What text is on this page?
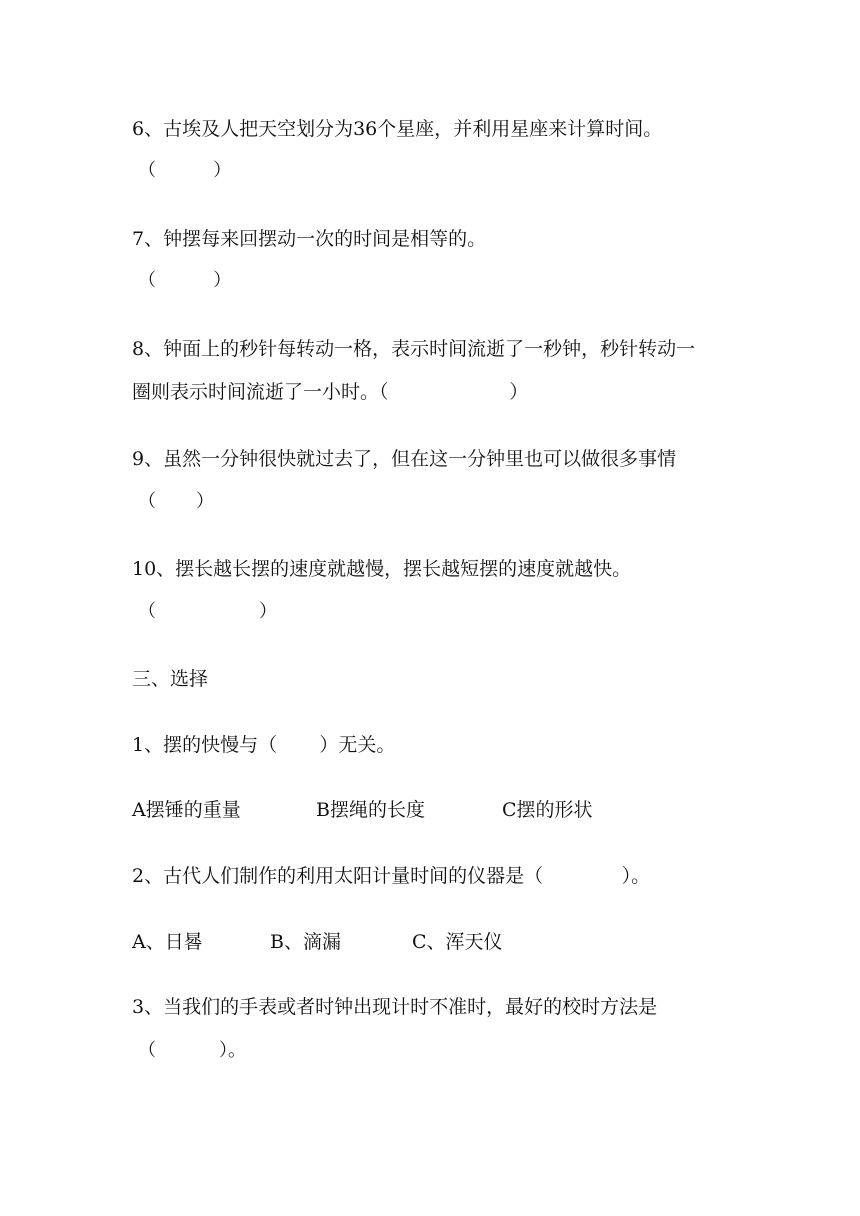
6、古埃及人把天空划分为36个星座，并利用星座来计算时间。
（          ）
7、钟摆每来回摆动一次的时间是相等的。
（          ）
8、钟面上的秒针每转动一格，表示时间流逝了一秒钟，秒针转动一
圈则表示时间流逝了一小时。（                    ）
9、虽然一分钟很快就过去了，但在这一分钟里也可以做很多事情
（       ）
10、摆长越长摆的速度就越慢，摆长越短摆的速度就越快。
（                  ）
三、选择
1、摆的快慢与（       ）无关。

A摆锤的重量

	B摆绳的长度

	C摆的形状

2、古代人们制作的利用太阳计量时间的仪器是（             ）。

A、日晷

	B、滴漏

	C、浑天仪

3、当我们的手表或者时钟出现计时不准时，最好的校时方法是
（           ）。
